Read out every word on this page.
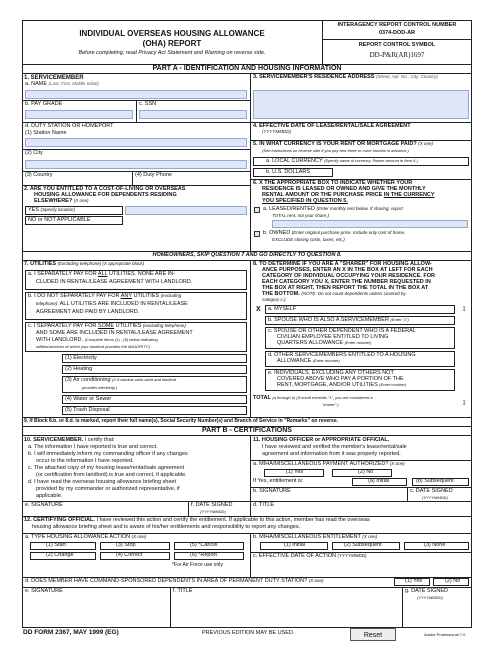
INDIVIDUAL OVERSEAS HOUSING ALLOWANCE
(OHA) REPORT
Before completing, read Privacy Act Statement and Warning on reverse side.
INTERAGENCY REPORT CONTROL NUMBER
0374-DOD-AR
REPORT CONTROL SYMBOL
DD-P&R(AR)1697
PART A - IDENTIFICATION AND HOUSING INFORMATION
1. SERVICEMEMBER
a. NAME (Last, First, Middle Initial)
b. PAY GRADE	c. SSN
d. DUTY STATION OR HOMEPORT
(1) Station Name
(2) City
(3) Country	(4) Duty Phone
2. ARE YOU ENTITLED TO A COST-OF-LIVING OR OVERSEAS
HOUSING ALLOWANCE FOR DEPENDENTS RESIDING
ELSEWHERE? (X one)
YES (Specify location)
NO or NOT APPLICABLE
3. SERVICEMEMBER'S RESIDENCE ADDRESS (Street, Apt. No., City, Country)
4. EFFECTIVE DATE OF LEASE/RENTAL/SALE AGREEMENT
(YYYYMMDD)
5. IN WHAT CURRENCY IS YOUR RENT OR MORTGAGE PAID? (X one)
(See instructions on reverse side if you pay rent three or more months in advance.)
a. LOCAL CURRENCY (Specify name of currency. Report amount in Item 6.)
b. U.S. DOLLARS
6. X THE APPROPRIATE BOX TO INDICATE WHETHER YOUR
RESIDENCE IS LEASED OR OWNED AND GIVE THE MONTHLY
RENTAL AMOUNT OR THE PURCHASE PRICE IN THE CURRENCY
YOU SPECIFIED IN QUESTION 5.
a. LEASED/RENTED (Enter monthly rent below. If sharing, report
TOTAL rent, not your share.)
b. OWNED (Enter original purchase price. Include only cost of home,
EXCLUDE closing costs, taxes, etc.)
HOMEOWNERS, SKIP QUESTION 7 AND GO DIRECTLY TO QUESTION 8.
7. UTILITIES (Excluding telephone) (X appropriate block)
a. I SEPARATELY PAY FOR ALL UTILITIES. NONE ARE IN-
CLUDED IN RENTAL/LEASE AGREEMENT WITH LANDLORD.
b. I DO NOT SEPARATELY PAY FOR ANY UTILITIES (excluding
telephone). ALL UTILITIES ARE INCLUDED IN RENTAL/LEASE
AGREEMENT AND PAID BY LANDLORD.
c. I SEPARATELY PAY FOR SOME UTILITIES (excluding telephone)
AND SOME ARE INCLUDED IN RENTAL/LEASE AGREEMENT
WITH LANDLORD. (Complete items (1) - (5) below indicating
utilities/services of which your landlord provides the MAJORITY.)
(1) Electricity
(2) Heating
(3) Air conditioning (X if window units used and landlord
provides electricity.)
(4) Water or Sewer
(5) Trash Disposal
8. TO DETERMINE IF YOU ARE A "SHARER" FOR HOUSING ALLOW-
ANCE PURPOSES, ENTER AN X IN THE BOX AT LEFT FOR EACH
CATEGORY OF INDIVIDUAL OCCUPYING YOUR RESIDENCE. FOR
EACH CATEGORY YOU X, ENTER THE NUMBER REQUESTED IN
THE BOX AT RIGHT, THEN REPORT THE TOTAL IN THE BOX AT
THE BOTTOM. (NOTE: Do not count dependents unless covered by
category c.)
X a. MYSELF	1
b. SPOUSE WHO IS ALSO A SERVICEMEMBER (Enter "1")
c. SPOUSE OR OTHER DEPENDENT WHO IS A FEDERAL
CIVILIAN EMPLOYEE ENTITLED TO LIVING
QUARTERS ALLOWANCE (Enter number)
d. OTHER SERVICEMEMBERS ENTITLED TO A HOUSING
ALLOWANCE (Enter number)
e. INDIVIDUALS, EXCLUDING ANY OTHERS NOT
COVERED ABOVE WHO PAY A PORTION OF THE
RENT, MORTGAGE, AND/OR UTILITIES (Enter number)
TOTAL (a through e) (If result exceeds "1", you are considered a
"sharer".)	1
9. If Block 8.b. or 8.d. is marked, report their full name(s), Social Security Number(s) and Branch of Service in "Remarks" on reverse.
PART B - CERTIFICATIONS
10. SERVICEMEMBER. I certify that:
a. The information I have reported is true and correct.
b. I will immediately inform my commanding officer if any changes
occur to the information I have reported.
c. The attached copy of my housing lease/rental/sale agreement
(or certification from landlord) is true and correct, if applicable.
d. I have read the overseas housing allowance briefing sheet
provided by my commander or authorized representative, if
applicable.
e. SIGNATURE	f. DATE SIGNED
(YYYYMMDD)
11. HOUSING OFFICER or APPROPRIATE OFFICIAL.
I have reviewed and verified the member's lease/rental/sale
agreement and information from it was properly reported.
a. MIHA/MISCELLANEOUS PAYMENT AUTHORIZED? (X one)
(1) Yes	(2) No
If Yes, entitlement is:	(a) Initial	(b) Subsequent
b. SIGNATURE	c. DATE SIGNED
(YYYYMMDD)
d. TITLE
12. CERTIFYING OFFICIAL. I have reviewed this action and certify the entitlement. If applicable to this action, member has read the overseas
housing allowance briefing sheet and is aware of his/her entitlements and responsibility to report any changes.
a. TYPE HOUSING ALLOWANCE ACTION (X one)
(1) Start	(3) Stop	(5) *Cancel
(2) Change	(4) Correct	(6) *Report
*For Air Force use only
b. MIHA/MISCELLANEOUS ENTITLEMENT (X one)
(1) Initial	(2) Subsequent	(3) None
c. EFFECTIVE DATE OF ACTION (YYYYMMDD)
d. DOES MEMBER HAVE COMMAND-SPONSORED DEPENDENTS IN AREA OF PERMANENT DUTY STATION? (X one)	(1) Yes	(2) No
e. SIGNATURE	f. TITLE	g. DATE SIGNED
(YYYYMMDD)
DD FORM 2367, MAY 1999 (EG)	PREVIOUS EDITION MAY BE USED.	Reset	Adobe Professional 7.0
